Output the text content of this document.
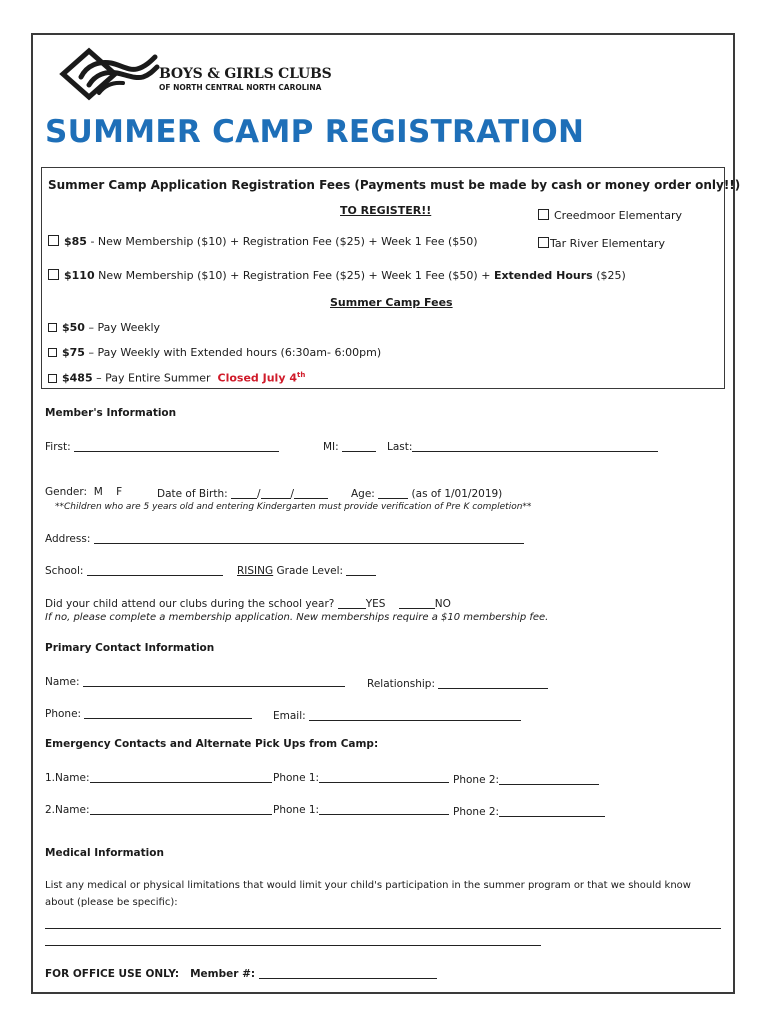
BOYS & GIRLS CLUBS
OF NORTH CENTRAL NORTH CAROLINA
SUMMER CAMP REGISTRATION
Summer Camp Application Registration Fees (Payments must be made by cash or money order only!!)
TO REGISTER!!	Creedmoor Elementary
Tar River Elementary
$85 - New Membership ($10) + Registration Fee ($25) + Week 1 Fee ($50)
$110 New Membership ($10) + Registration Fee ($25) + Week 1 Fee ($50) + Extended Hours ($25)
Summer Camp Fees
$50 – Pay Weekly
$75 – Pay Weekly with Extended hours (6:30am- 6:00pm)
$485 – Pay Entire Summer Closed July 4th
Member's Information
First:	MI:	Last:
Gender: M F	Date of Birth:	/	/	Age:	(as of 1/01/2019)
**Children who are 5 years old and entering Kindergarten must provide verification of Pre K completion**
Address:
School:	RISING Grade Level:
Did your child attend our clubs during the school year?	YES	NO
If no, please complete a membership application. New memberships require a $10 membership fee.
Primary Contact Information
Name:	Relationship:
Phone:	Email:
Emergency Contacts and Alternate Pick Ups from Camp:
1.Name:	Phone 1:	Phone 2:
2.Name:	Phone 1:	Phone 2:
Medical Information
List any medical or physical limitations that would limit your child's participation in the summer program or that we should know
about (please be specific):
FOR OFFICE USE ONLY: Member #:
